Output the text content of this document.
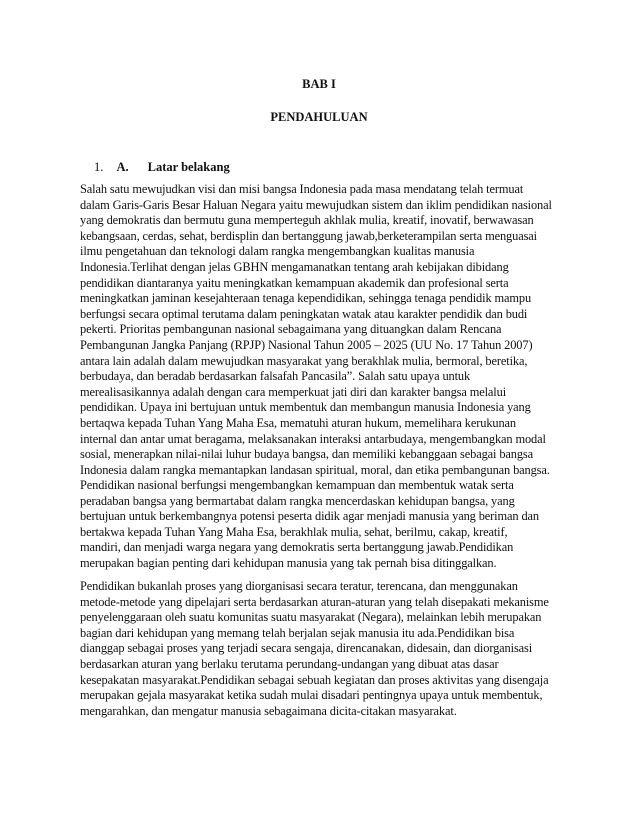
BAB I
PENDAHULUAN
1. A. Latar belakang

Salah satu mewujudkan visi dan misi bangsa Indonesia pada masa mendatang telah termuat
dalam Garis-Garis Besar Haluan Negara yaitu mewujudkan sistem dan iklim pendidikan nasional
yang demokratis dan bermutu guna memperteguh akhlak mulia, kreatif, inovatif, berwawasan
kebangsaan, cerdas, sehat, berdisplin dan bertanggung jawab,berketerampilan serta menguasai
ilmu pengetahuan dan teknologi dalam rangka mengembangkan kualitas manusia
Indonesia.Terlihat dengan jelas GBHN mengamanatkan tentang arah kebijakan dibidang
pendidikan diantaranya yaitu meningkatkan kemampuan akademik dan profesional serta
meningkatkan jaminan kesejahteraan tenaga kependidikan, sehingga tenaga pendidik mampu
berfungsi secara optimal terutama dalam peningkatan watak atau karakter pendidik dan budi
pekerti. Prioritas pembangunan nasional sebagaimana yang dituangkan dalam Rencana
Pembangunan Jangka Panjang (RPJP) Nasional Tahun 2005 – 2025 (UU No. 17 Tahun 2007)
antara lain adalah dalam mewujudkan masyarakat yang berakhlak mulia, bermoral, beretika,
berbudaya, dan beradab berdasarkan falsafah Pancasila”. Salah satu upaya untuk
merealisasikannya adalah dengan cara memperkuat jati diri dan karakter bangsa melalui
pendidikan. Upaya ini bertujuan untuk membentuk dan membangun manusia Indonesia yang
bertaqwa kepada Tuhan Yang Maha Esa, mematuhi aturan hukum, memelihara kerukunan
internal dan antar umat beragama, melaksanakan interaksi antarbudaya, mengembangkan modal
sosial, menerapkan nilai-nilai luhur budaya bangsa, dan memiliki kebanggaan sebagai bangsa
Indonesia dalam rangka memantapkan landasan spiritual, moral, dan etika pembangunan bangsa.

Pendidikan nasional berfungsi mengembangkan kemampuan dan membentuk watak serta
peradaban bangsa yang bermartabat dalam rangka mencerdaskan kehidupan bangsa, yang
bertujuan untuk berkembangnya potensi peserta didik agar menjadi manusia yang beriman dan
bertakwa kepada Tuhan Yang Maha Esa, berakhlak mulia, sehat, berilmu, cakap, kreatif,
mandiri, dan menjadi warga negara yang demokratis serta bertanggung jawab.Pendidikan
merupakan bagian penting dari kehidupan manusia yang tak pernah bisa ditinggalkan.

Pendidikan bukanlah proses yang diorganisasi secara teratur, terencana, dan menggunakan
metode-metode yang dipelajari serta berdasarkan aturan-aturan yang telah disepakati mekanisme
penyelenggaraan oleh suatu komunitas suatu masyarakat (Negara), melainkan lebih merupakan
bagian dari kehidupan yang memang telah berjalan sejak manusia itu ada.Pendidikan bisa
dianggap sebagai proses yang terjadi secara sengaja, direncanakan, didesain, dan diorganisasi
berdasarkan aturan yang berlaku terutama perundang-undangan yang dibuat atas dasar
kesepakatan masyarakat.Pendidikan sebagai sebuah kegiatan dan proses aktivitas yang disengaja
merupakan gejala masyarakat ketika sudah mulai disadari pentingnya upaya untuk membentuk,
mengarahkan, dan mengatur manusia sebagaimana dicita-citakan masyarakat.
